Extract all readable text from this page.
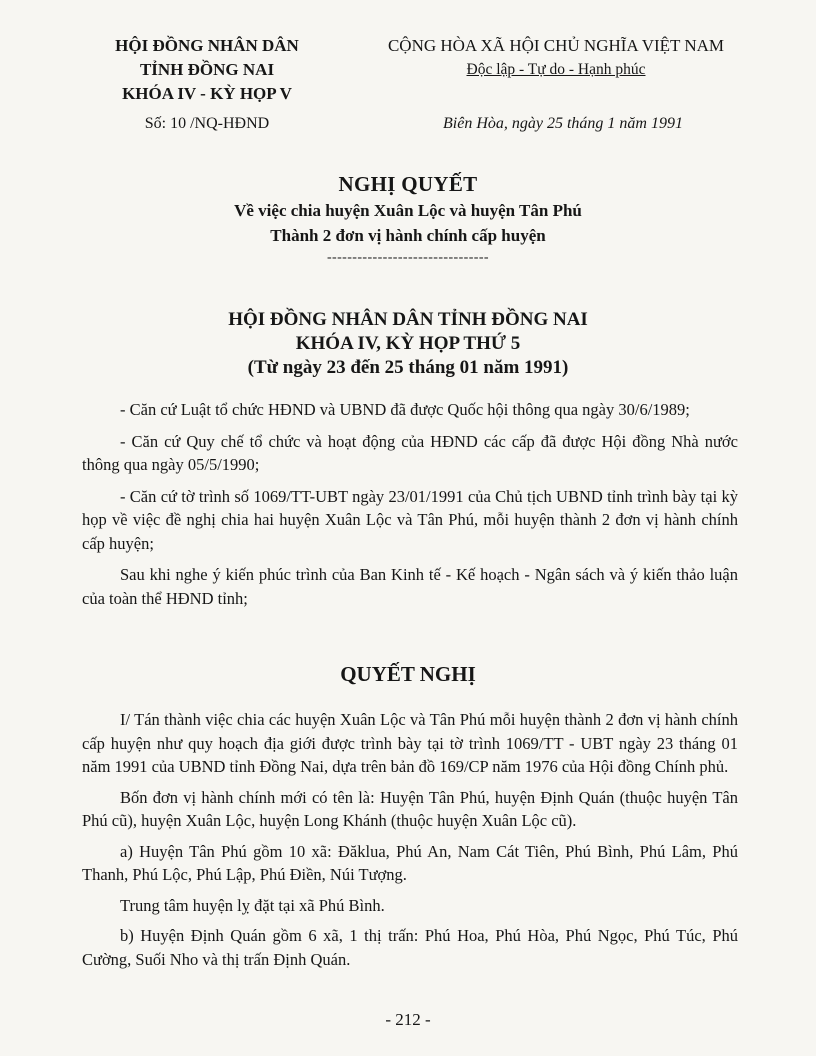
HỘI ĐỒNG NHÂN DÂN
TỈNH ĐỒNG NAI
KHÓA IV - KỲ HỌP V
Số: 10 /NQ-HĐND
CỘNG HÒA XÃ HỘI CHỦ NGHĨA VIỆT NAM
Độc lập - Tự do - Hạnh phúc
Biên Hòa, ngày 25 tháng 1 năm 1991
NGHỊ QUYẾT
Về việc chia huyện Xuân Lộc và huyện Tân Phú
Thành 2 đơn vị hành chính cấp huyện
--------------------------------
HỘI ĐỒNG NHÂN DÂN TỈNH ĐỒNG NAI
KHÓA IV, KỲ HỌP THỨ 5
(Từ ngày 23 đến 25 tháng 01 năm 1991)

- Căn cứ Luật tổ chức HĐND và UBND đã được Quốc hội thông qua ngày 30/6/1989;

- Căn cứ Quy chế tổ chức và hoạt động của HĐND các cấp đã được Hội đồng Nhà nước thông qua ngày 05/5/1990;

- Căn cứ tờ trình số 1069/TT-UBT ngày 23/01/1991 của Chủ tịch UBND tỉnh trình bày tại kỳ họp về việc đề nghị chia hai huyện Xuân Lộc và Tân Phú, mỗi huyện thành 2 đơn vị hành chính cấp huyện;

Sau khi nghe ý kiến phúc trình của Ban Kinh tế - Kế hoạch - Ngân sách và ý kiến thảo luận của toàn thể HĐND tỉnh;

QUYẾT NGHỊ

I/ Tán thành việc chia các huyện Xuân Lộc và Tân Phú mỗi huyện thành 2 đơn vị hành chính cấp huyện như quy hoạch địa giới được trình bày tại tờ trình 1069/TT - UBT ngày 23 tháng 01 năm 1991 của UBND tỉnh Đồng Nai, dựa trên bản đồ 169/CP năm 1976 của Hội đồng Chính phủ.

Bốn đơn vị hành chính mới có tên là: Huyện Tân Phú, huyện Định Quán (thuộc huyện Tân Phú cũ), huyện Xuân Lộc, huyện Long Khánh (thuộc huyện Xuân Lộc cũ).

a) Huyện Tân Phú gồm 10 xã: Đăklua, Phú An, Nam Cát Tiên, Phú Bình, Phú Lâm, Phú Thanh, Phú Lộc, Phú Lập, Phú Điền, Núi Tượng.

Trung tâm huyện lỵ đặt tại xã Phú Bình.

b) Huyện Định Quán gồm 6 xã, 1 thị trấn: Phú Hoa, Phú Hòa, Phú Ngọc, Phú Túc, Phú Cường, Suối Nho và thị trấn Định Quán.

- 212 -
